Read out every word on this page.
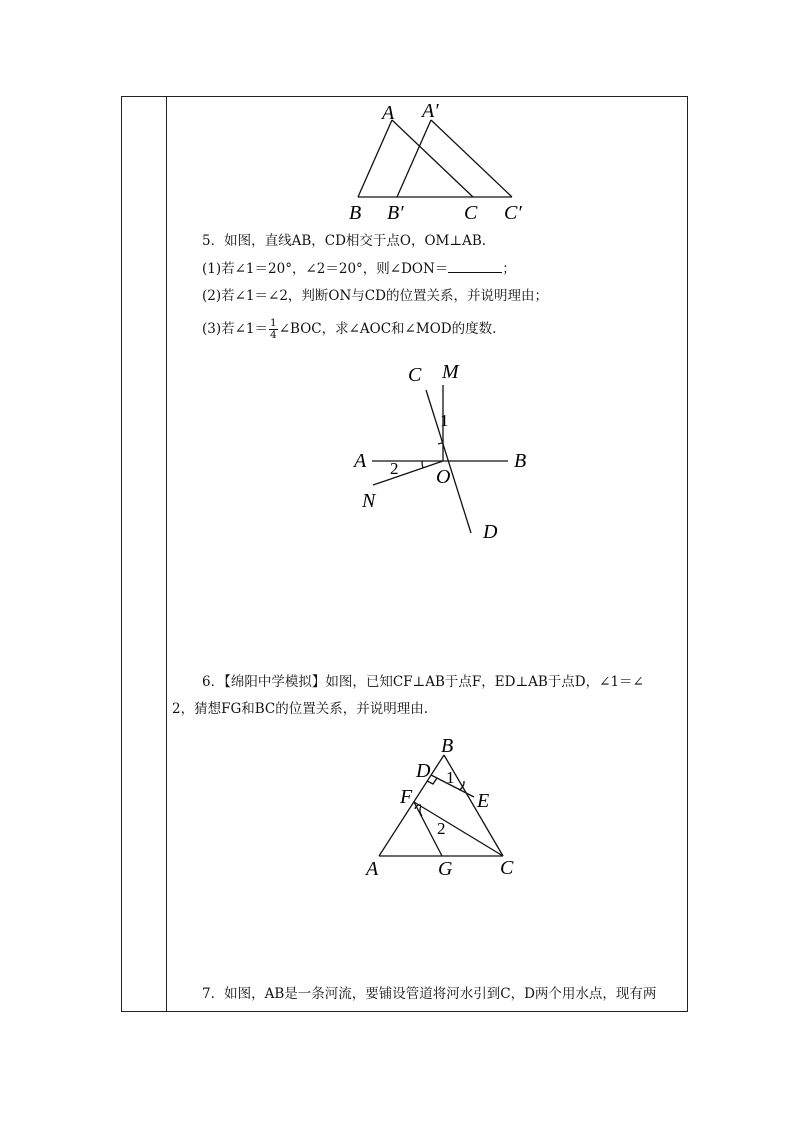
A A′
B B′	C C′
5．如图，直线AB，CD相交于点O，OM⊥AB.
(1)若∠1＝20°，∠2＝20°，则∠DON＝	；
(2)若∠1＝∠2，判断ON与CD的位置关系，并说明理由；
(3)若∠1＝ $\frac{1}{4}$ ∠BOC，求∠AOC和∠MOD的度数.
C M
1
A 2 O
B
N
D
6．【绵阳中学模拟】如图，已知CF⊥AB于点F，ED⊥AB于点D，∠1＝∠
2，猜想FG和BC的位置关系，并说明理由.
B
D 1
F	E
2
A	G C
7．如图，AB是一条河流，要铺设管道将河水引到C，D两个用水点，现有两
